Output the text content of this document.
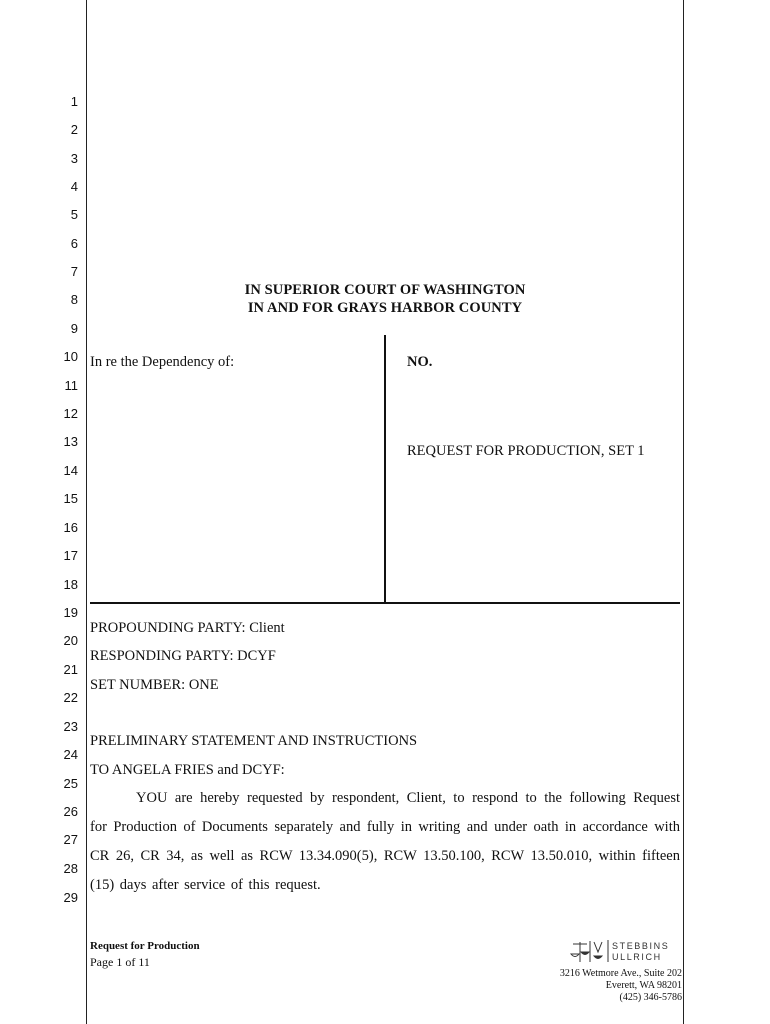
1
2
3
4
5
6
7
8
9
10
11
12
13
14
15
16
17
18
19
20
21
22
23
24
25
26
27
28
29
IN SUPERIOR COURT OF WASHINGTON
IN AND FOR GRAYS HARBOR COUNTY
In re the Dependency of:	NO.
REQUEST FOR PRODUCTION, SET 1
PROPOUNDING PARTY: Client
RESPONDING PARTY: DCYF
SET NUMBER: ONE
PRELIMINARY STATEMENT AND INSTRUCTIONS
TO ANGELA FRIES and DCYF:
YOU are hereby requested by respondent, Client, to respond to the following Request for Production of Documents separately and fully in writing and under oath in accordance with CR 26, CR 34, as well as RCW 13.34.090(5), RCW 13.50.100, RCW 13.50.010, within fifteen (15) days after service of this request.
Request for Production
Page 1 of 11
STEBBINS
ULLRICH
3216 Wetmore Ave., Suite 202
Everett, WA 98201
(425) 346-5786
